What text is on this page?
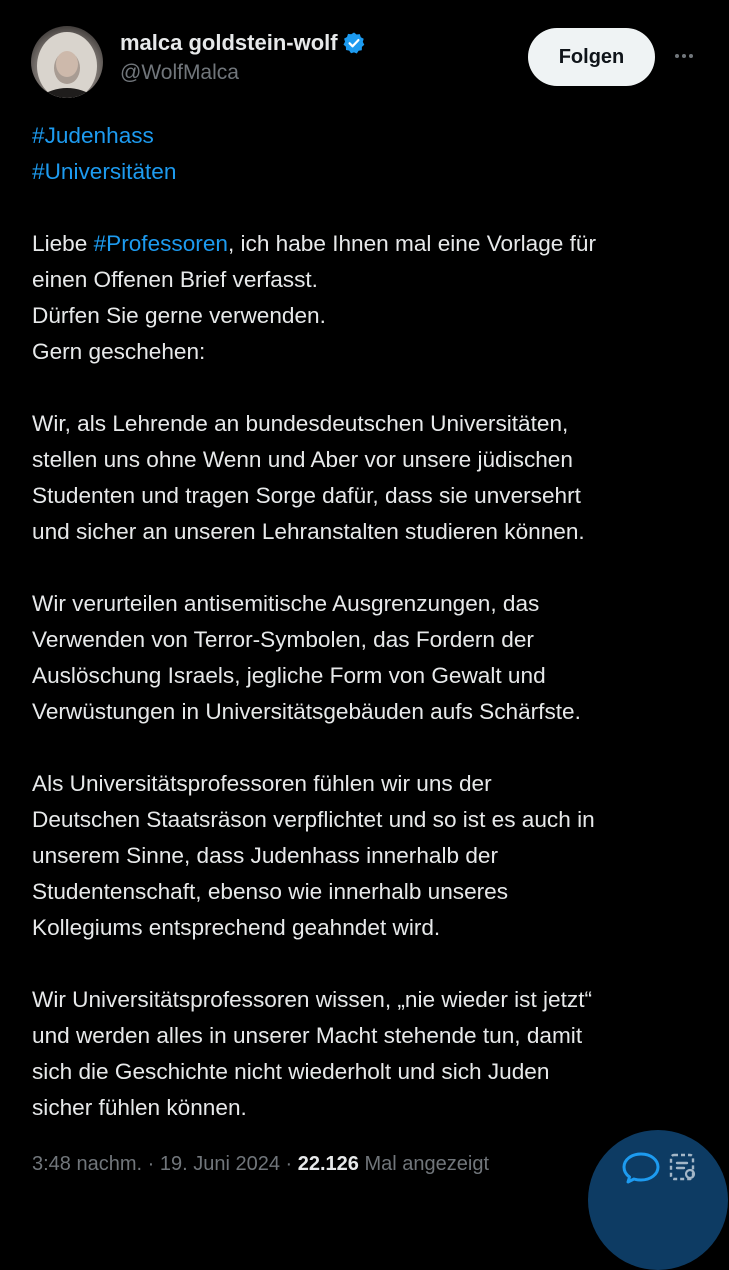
malca goldstein-wolf
@WolfMalca
Folgen
#Judenhass
#Universitäten
Liebe #Professoren, ich habe Ihnen mal eine Vorlage für
einen Offenen Brief verfasst.
Dürfen Sie gerne verwenden.
Gern geschehen:
Wir, als Lehrende an bundesdeutschen Universitäten,
stellen uns ohne Wenn und Aber vor unsere jüdischen
Studenten und tragen Sorge dafür, dass sie unversehrt
und sicher an unseren Lehranstalten studieren können.
Wir verurteilen antisemitische Ausgrenzungen, das
Verwenden von Terror-Symbolen, das Fordern der
Auslöschung Israels, jegliche Form von Gewalt und
Verwüstungen in Universitätsgebäuden aufs Schärfste.
Als Universitätsprofessoren fühlen wir uns der
Deutschen Staatsräson verpflichtet und so ist es auch in
unserem Sinne, dass Judenhass innerhalb der
Studentenschaft, ebenso wie innerhalb unseres
Kollegiums entsprechend geahndet wird.
Wir Universitätsprofessoren wissen, „nie wieder ist jetzt“
und werden alles in unserer Macht stehende tun, damit
sich die Geschichte nicht wiederholt und sich Juden
sicher fühlen können.
3:48 nachm. · 19. Juni 2024 · 22.126 Mal angezeigt
